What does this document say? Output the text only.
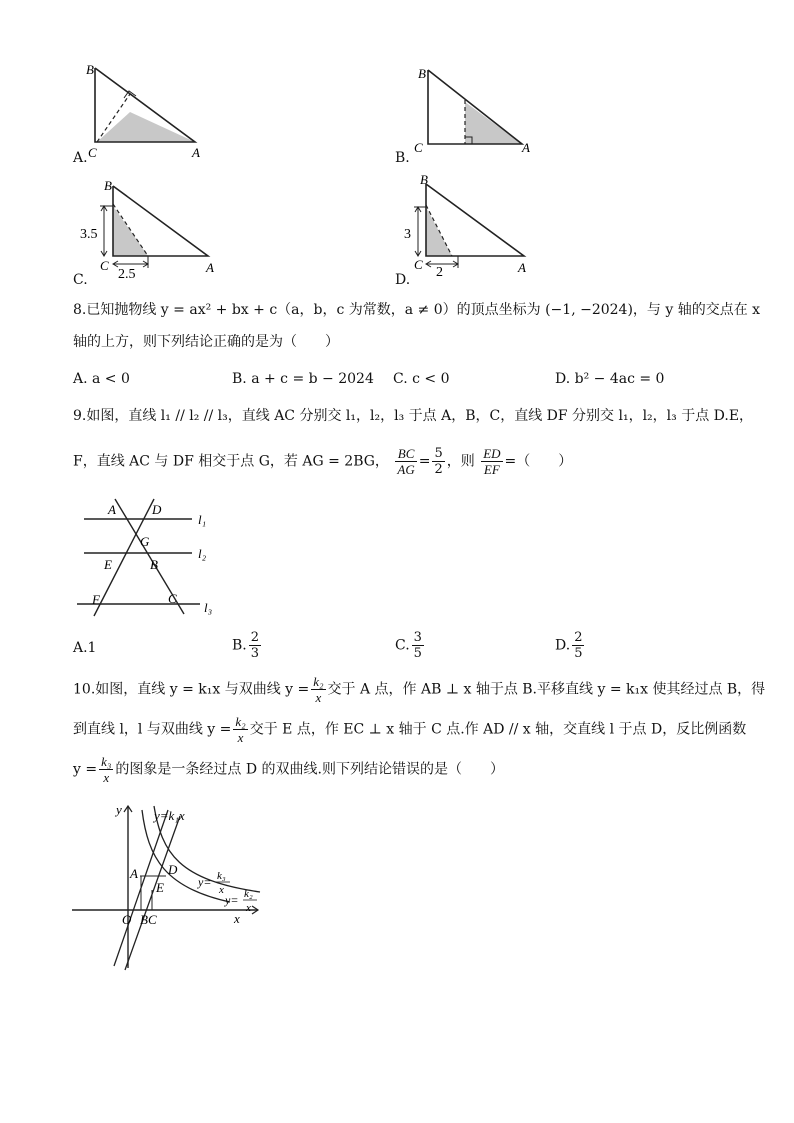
A.	B.
C.	D.
B
C	A
B
C	A
B
C	A
3.5
2.5
B
C	A
3
2
8.已知抛物线 y = ax² + bx + c（a，b，c 为常数，a ≠ 0）的顶点坐标为 (−1, −2024)，与 y 轴的交点在 x
轴的上方，则下列结论正确的是为（　　）
A. a < 0	B. a + c = b − 2024 C. c < 0	D. b² − 4ac = 0
9.如图，直线 l₁ // l₂ // l₃，直线 AC 分别交 l₁，l₂，l₃ 于点 A，B，C，直线 DF 分别交 l₁，l₂，l₃ 于点 D.E，
F，直线 AC 与 DF 相交于点 G，若 AG = 2BG， $\frac{BC}{AG} = \frac{5}{2}$ ，则 $\frac{ED}{EF}$ =（　　）
A	D
G
E	B
F	C
l₁
l₂
l₃
A.1	B. $\frac{2}{3}$	C. $\frac{3}{5}$	D. $\frac{2}{5}$
10.如图，直线 y = k₁x 与双曲线 $y = \frac{\text{k₂}}{x}$ 交于 A 点，作 AB ⊥ x 轴于点 B.平移直线 y = k₁x 使其经过点 B，得
到直线 l，l 与双曲线 $y = \frac{\text{k₂}}{x}$ 交于 E 点，作 EC ⊥ x 轴于 C 点.作 AD // x 轴，交直线 l 于点 D，反比例函数
$y = \frac{\text{k₃}}{x}$ 的图象是一条经过点 D 的双曲线.则下列结论错误的是（　　）
y
x
O
A D
E
BC
y=k₁x
y= k₃
x
y= k₂
x
